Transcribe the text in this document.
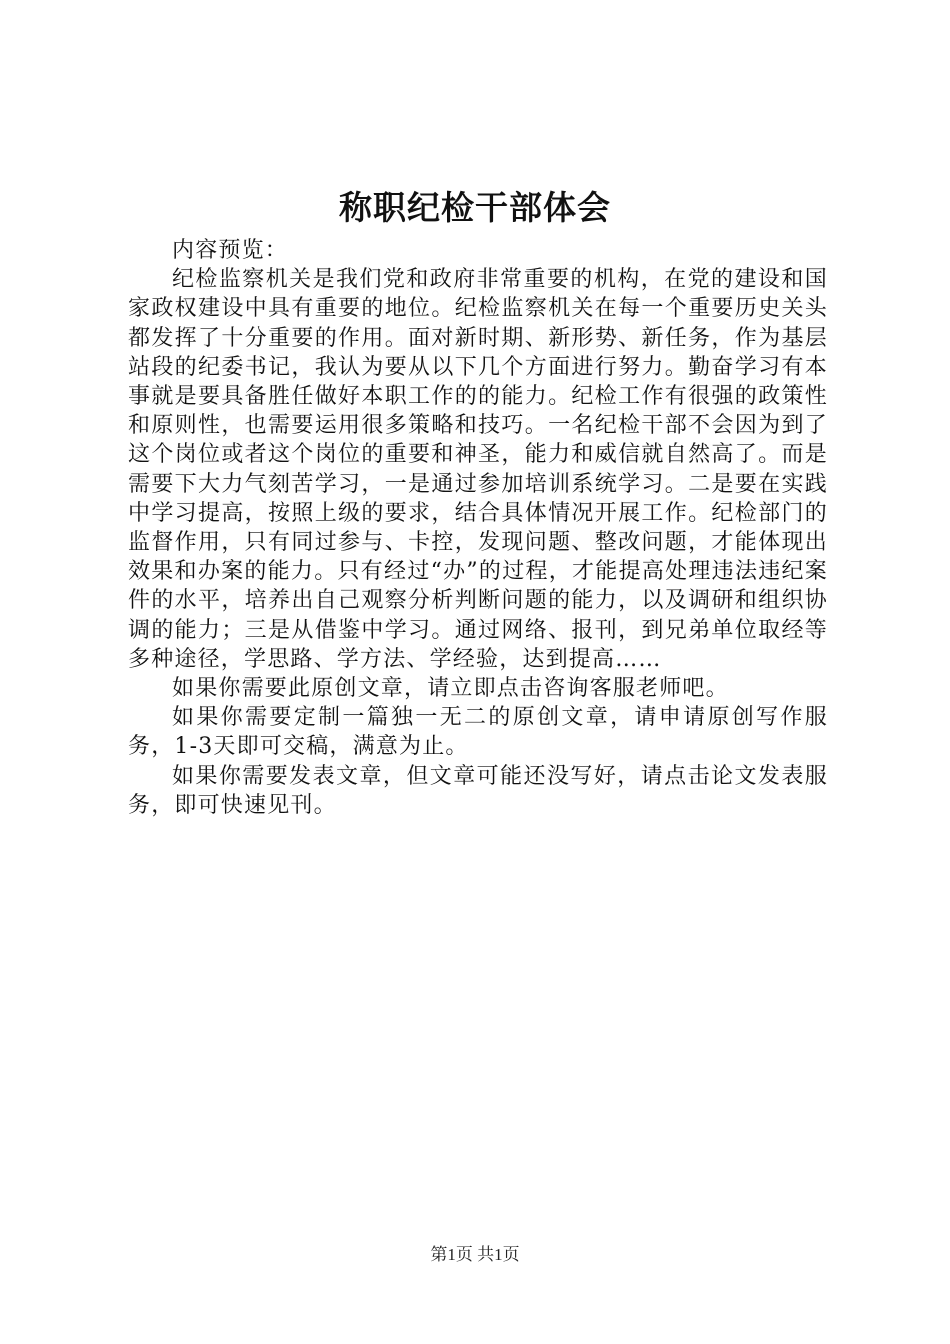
称职纪检干部体会

内容预览：

纪检监察机关是我们党和政府非常重要的机构，在党的建设和国家政权建设中具有重要的地位。纪检监察机关在每一个重要历史关头都发挥了十分重要的作用。面对新时期、新形势、新任务，作为基层站段的纪委书记，我认为要从以下几个方面进行努力。勤奋学习有本事就是要具备胜任做好本职工作的的能力。纪检工作有很强的政策性和原则性，也需要运用很多策略和技巧。一名纪检干部不会因为到了这个岗位或者这个岗位的重要和神圣，能力和威信就自然高了。而是需要下大力气刻苦学习，一是通过参加培训系统学习。二是要在实践中学习提高，按照上级的要求，结合具体情况开展工作。纪检部门的监督作用，只有同过参与、卡控，发现问题、整改问题，才能体现出效果和办案的能力。只有经过“办”的过程，才能提高处理违法违纪案件的水平，培养出自己观察分析判断问题的能力，以及调研和组织协调的能力；三是从借鉴中学习。通过网络、报刊，到兄弟单位取经等多种途径，学思路、学方法、学经验，达到提高……

如果你需要此原创文章，请立即点击咨询客服老师吧。

如果你需要定制一篇独一无二的原创文章，请申请原创写作服务，1-3天即可交稿，满意为止。

如果你需要发表文章，但文章可能还没写好，请点击论文发表服务，即可快速见刊。

第1页 共1页
